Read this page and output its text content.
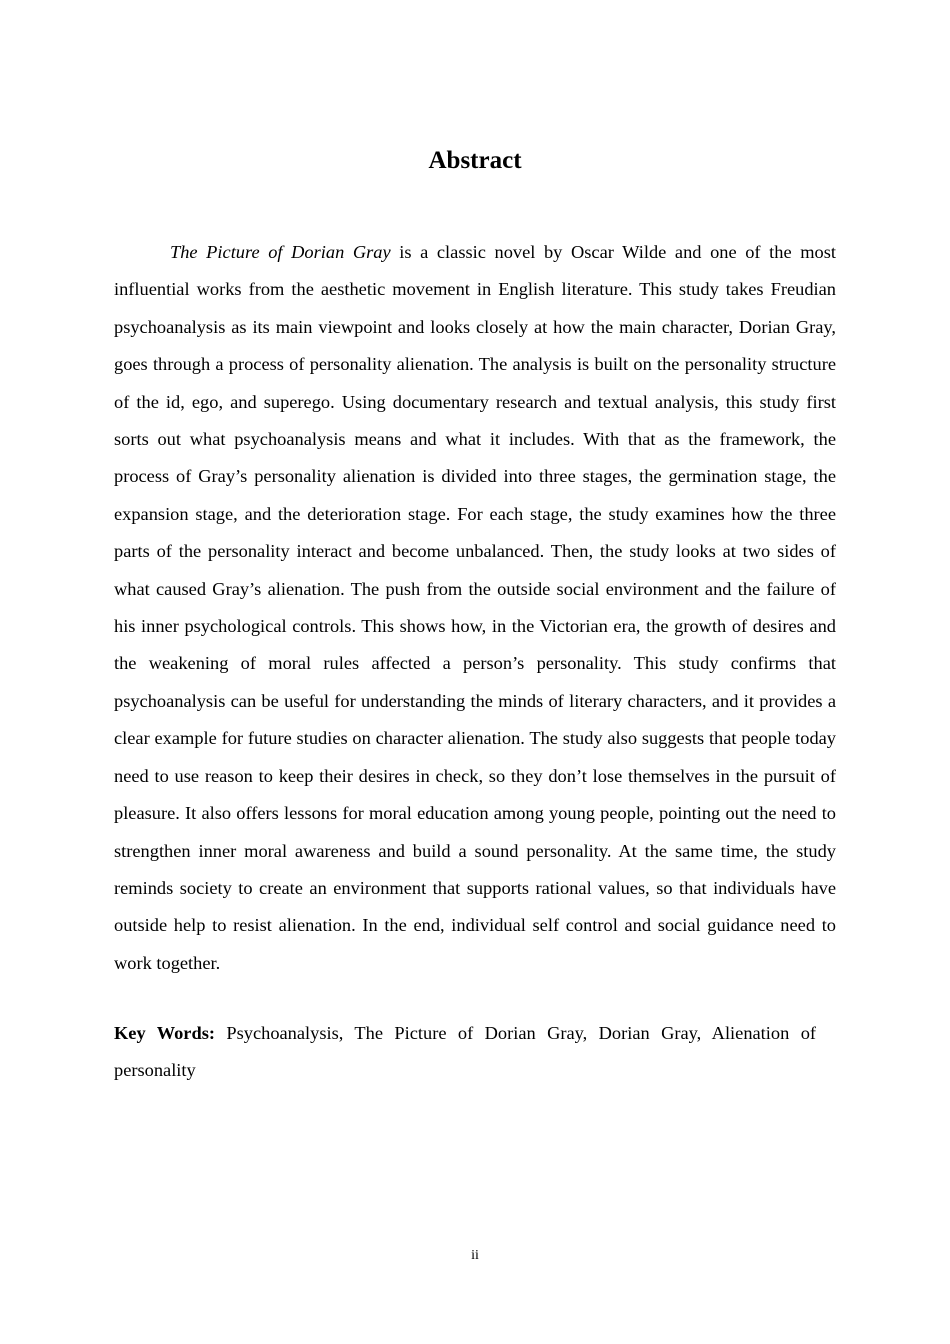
Abstract

The Picture of Dorian Gray is a classic novel by Oscar Wilde and one of the most influential works from the aesthetic movement in English literature. This study takes Freudian psychoanalysis as its main viewpoint and looks closely at how the main character, Dorian Gray, goes through a process of personality alienation. The analysis is built on the personality structure of the id, ego, and superego. Using documentary research and textual analysis, this study first sorts out what psychoanalysis means and what it includes. With that as the framework, the process of Gray’s personality alienation is divided into three stages, the germination stage, the expansion stage, and the deterioration stage. For each stage, the study examines how the three parts of the personality interact and become unbalanced. Then, the study looks at two sides of what caused Gray’s alienation. The push from the outside social environment and the failure of his inner psychological controls. This shows how, in the Victorian era, the growth of desires and the weakening of moral rules affected a person’s personality. This study confirms that psychoanalysis can be useful for understanding the minds of literary characters, and it provides a clear example for future studies on character alienation. The study also suggests that people today need to use reason to keep their desires in check, so they don’t lose themselves in the pursuit of pleasure. It also offers lessons for moral education among young people, pointing out the need to strengthen inner moral awareness and build a sound personality. At the same time, the study reminds society to create an environment that supports rational values, so that individuals have outside help to resist alienation. In the end, individual self control and social guidance need to work together.

Key Words: Psychoanalysis, The Picture of Dorian Gray, Dorian Gray, Alienation of personality

ii
